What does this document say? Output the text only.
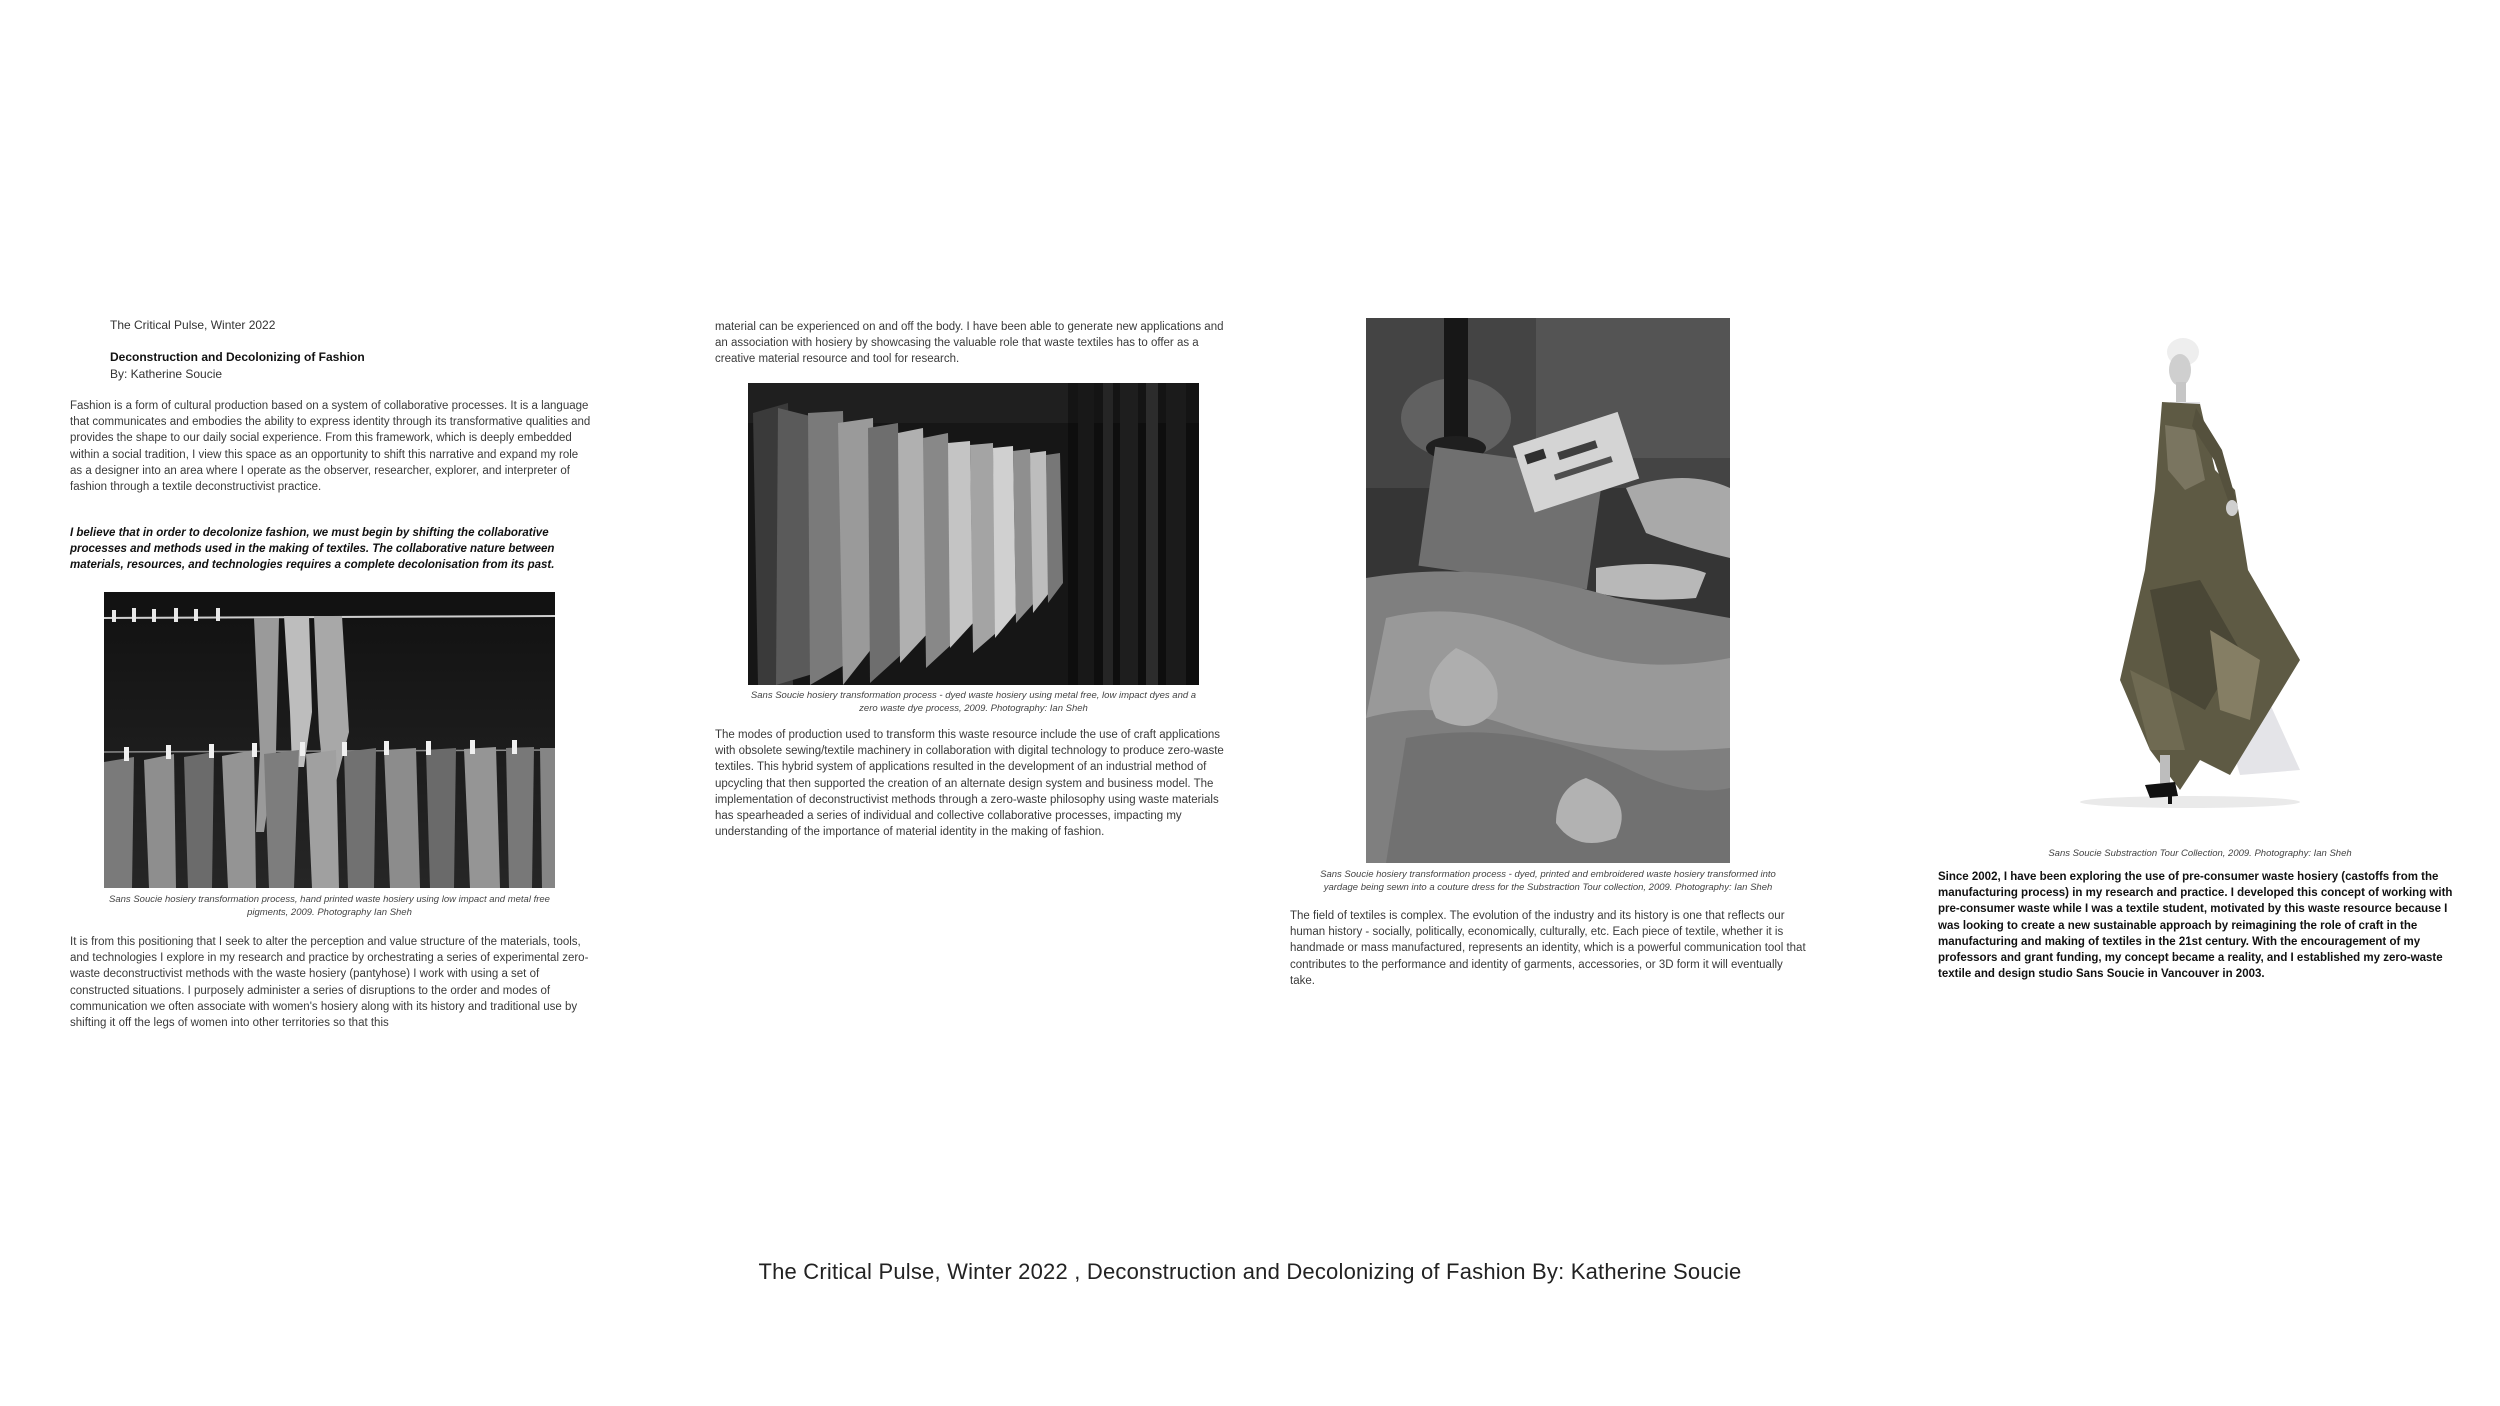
The Critical Pulse, Winter 2022
Deconstruction and Decolonizing of Fashion
By: Katherine Soucie

Fashion is a form of cultural production based on a system of collaborative processes. It is a language that communicates and embodies the ability to express identity through its transformative qualities and provides the shape to our daily social experience. From this framework, which is deeply embedded within a social tradition, I view this space as an opportunity to shift this narrative and expand my role as a designer into an area where I operate as the observer, researcher, explorer, and interpreter of fashion through a textile deconstructivist practice.

I believe that in order to decolonize fashion, we must begin by shifting the collaborative processes and methods used in the making of textiles. The collaborative nature between materials, resources, and technologies requires a complete decolonisation from its past.

Sans Soucie hosiery transformation process, hand printed waste hosiery using low impact and metal free pigments, 2009. Photography Ian Sheh

It is from this positioning that I seek to alter the perception and value structure of the materials, tools, and technologies I explore in my research and practice by orchestrating a series of experimental zero-waste deconstructivist methods with the waste hosiery (pantyhose) I work with using a set of constructed situations. I purposely administer a series of disruptions to the order and modes of communication we often associate with women's hosiery along with its history and traditional use by shifting it off the legs of women into other territories so that this

material can be experienced on and off the body. I have been able to generate new applications and an association with hosiery by showcasing the valuable role that waste textiles has to offer as a creative material resource and tool for research.

Sans Soucie hosiery transformation process - dyed waste hosiery using metal free, low impact dyes and a zero waste dye process, 2009. Photography: Ian Sheh

The modes of production used to transform this waste resource include the use of craft applications with obsolete sewing/textile machinery in collaboration with digital technology to produce zero-waste textiles. This hybrid system of applications resulted in the development of an industrial method of upcycling that then supported the creation of an alternate design system and business model. The implementation of deconstructivist methods through a zero-waste philosophy using waste materials has spearheaded a series of individual and collective collaborative processes, impacting my understanding of the importance of material identity in the making of fashion.

Sans Soucie hosiery transformation process - dyed, printed and embroidered waste hosiery transformed into yardage being sewn into a couture dress for the Substraction Tour collection, 2009. Photography: Ian Sheh

The field of textiles is complex. The evolution of the industry and its history is one that reflects our human history - socially, politically, economically, culturally, etc. Each piece of textile, whether it is handmade or mass manufactured, represents an identity, which is a powerful communication tool that contributes to the performance and identity of garments, accessories, or 3D form it will eventually take.

Sans Soucie Substraction Tour Collection, 2009. Photography: Ian Sheh

Since 2002, I have been exploring the use of pre-consumer waste hosiery (castoffs from the manufacturing process) in my research and practice. I developed this concept of working with pre-consumer waste while I was a textile student, motivated by this waste resource because I was looking to create a new sustainable approach by reimagining the role of craft in the manufacturing and making of textiles in the 21st century. With the encouragement of my professors and grant funding, my concept became a reality, and I established my zero-waste textile and design studio Sans Soucie in Vancouver in 2003.

The Critical Pulse, Winter 2022 , Deconstruction and Decolonizing of Fashion By: Katherine Soucie
